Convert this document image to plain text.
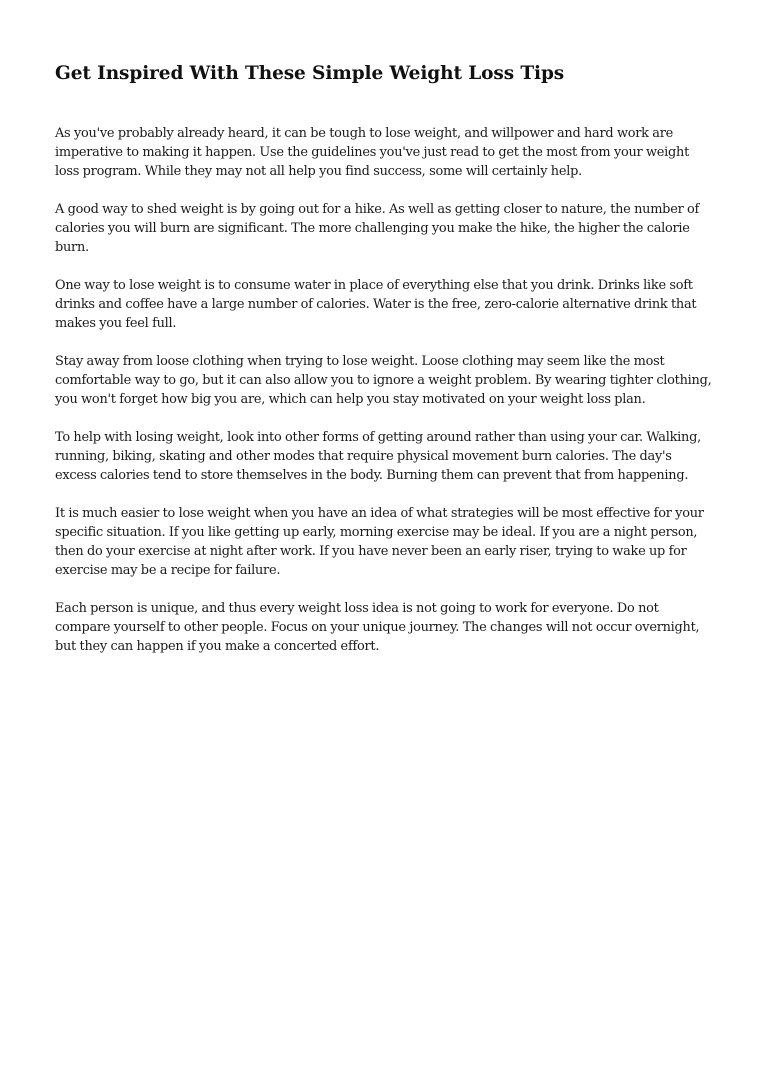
Get Inspired With These Simple Weight Loss Tips

As you've probably already heard, it can be tough to lose weight, and willpower and hard work are imperative to making it happen. Use the guidelines you've just read to get the most from your weight loss program. While they may not all help you find success, some will certainly help.

A good way to shed weight is by going out for a hike. As well as getting closer to nature, the number of calories you will burn are significant. The more challenging you make the hike, the higher the calorie burn.

One way to lose weight is to consume water in place of everything else that you drink. Drinks like soft drinks and coffee have a large number of calories. Water is the free, zero-calorie alternative drink that makes you feel full.

Stay away from loose clothing when trying to lose weight. Loose clothing may seem like the most comfortable way to go, but it can also allow you to ignore a weight problem. By wearing tighter clothing, you won't forget how big you are, which can help you stay motivated on your weight loss plan.

To help with losing weight, look into other forms of getting around rather than using your car. Walking, running, biking, skating and other modes that require physical movement burn calories. The day's excess calories tend to store themselves in the body. Burning them can prevent that from happening.

It is much easier to lose weight when you have an idea of what strategies will be most effective for your specific situation. If you like getting up early, morning exercise may be ideal. If you are a night person, then do your exercise at night after work. If you have never been an early riser, trying to wake up for exercise may be a recipe for failure.

Each person is unique, and thus every weight loss idea is not going to work for everyone. Do not compare yourself to other people. Focus on your unique journey. The changes will not occur overnight, but they can happen if you make a concerted effort.
